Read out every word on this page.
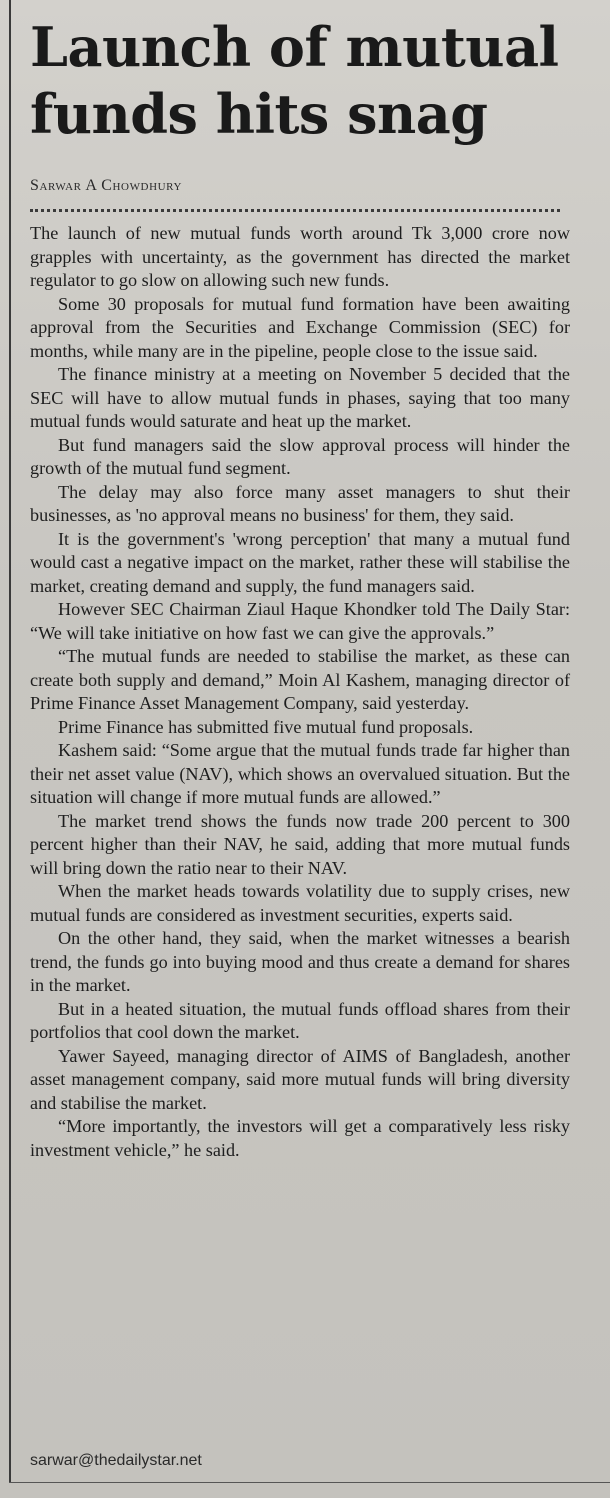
Launch of mutual funds hits snag
Sarwar A Chowdhury

The launch of new mutual funds worth around Tk 3,000 crore now grapples with uncertainty, as the government has directed the market regulator to go slow on allowing such new funds.

Some 30 proposals for mutual fund formation have been awaiting approval from the Securities and Exchange Commission (SEC) for months, while many are in the pipeline, people close to the issue said.

The finance ministry at a meeting on November 5 decided that the SEC will have to allow mutual funds in phases, saying that too many mutual funds would saturate and heat up the market.

But fund managers said the slow approval process will hinder the growth of the mutual fund segment.

The delay may also force many asset managers to shut their businesses, as 'no approval means no business' for them, they said.

It is the government's 'wrong perception' that many a mutual fund would cast a negative impact on the market, rather these will stabilise the market, creating demand and supply, the fund managers said.

However SEC Chairman Ziaul Haque Khondker told The Daily Star: “We will take initiative on how fast we can give the approvals.”

“The mutual funds are needed to stabilise the market, as these can create both supply and demand,” Moin Al Kashem, managing director of Prime Finance Asset Management Company, said yesterday.

Prime Finance has submitted five mutual fund proposals.

Kashem said: “Some argue that the mutual funds trade far higher than their net asset value (NAV), which shows an overvalued situation. But the situation will change if more mutual funds are allowed.”

The market trend shows the funds now trade 200 percent to 300 percent higher than their NAV, he said, adding that more mutual funds will bring down the ratio near to their NAV.

When the market heads towards volatility due to supply crises, new mutual funds are considered as investment securities, experts said.

On the other hand, they said, when the market witnesses a bearish trend, the funds go into buying mood and thus create a demand for shares in the market.

But in a heated situation, the mutual funds offload shares from their portfolios that cool down the market.

Yawer Sayeed, managing director of AIMS of Bangladesh, another asset management company, said more mutual funds will bring diversity and stabilise the market.

“More importantly, the investors will get a comparatively less risky investment vehicle,” he said.

sarwar@thedailystar.net
